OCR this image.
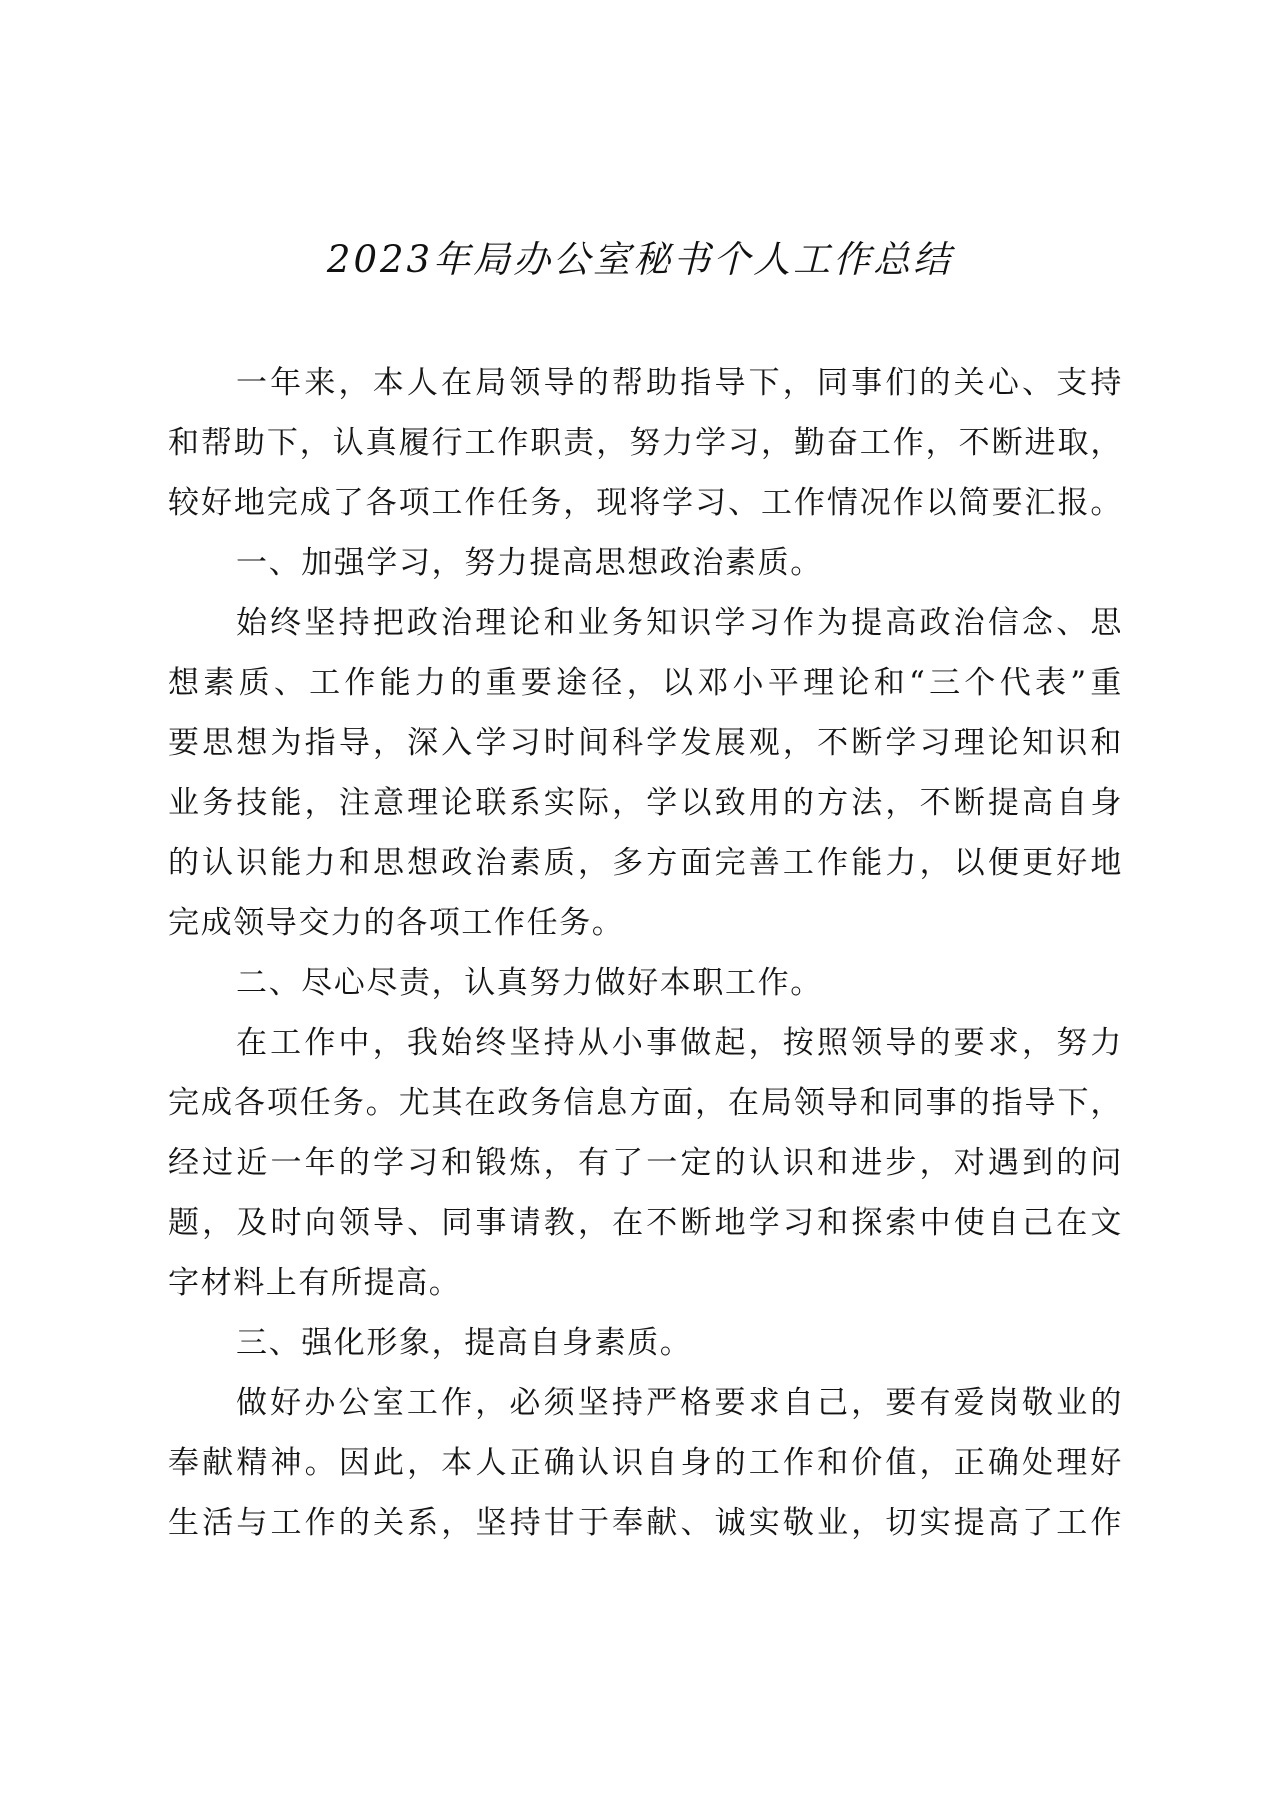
2023年局办公室秘书个人工作总结
一年来，本人在局领导的帮助指导下，同事们的关心、支持
和帮助下，认真履行工作职责，努力学习，勤奋工作，不断进取，
较好地完成了各项工作任务，现将学习、工作情况作以简要汇报。
一、加强学习，努力提高思想政治素质。
始终坚持把政治理论和业务知识学习作为提高政治信念、思
想素质、工作能力的重要途径，以邓小平理论和“三个代表”重
要思想为指导，深入学习时间科学发展观，不断学习理论知识和
业务技能，注意理论联系实际，学以致用的方法，不断提高自身
的认识能力和思想政治素质，多方面完善工作能力，以便更好地
完成领导交力的各项工作任务。
二、尽心尽责，认真努力做好本职工作。
在工作中，我始终坚持从小事做起，按照领导的要求，努力
完成各项任务。尤其在政务信息方面，在局领导和同事的指导下，
经过近一年的学习和锻炼，有了一定的认识和进步，对遇到的问
题，及时向领导、同事请教，在不断地学习和探索中使自己在文
字材料上有所提高。
三、强化形象，提高自身素质。
做好办公室工作，必须坚持严格要求自己，要有爱岗敬业的
奉献精神。因此，本人正确认识自身的工作和价值，正确处理好
生活与工作的关系，坚持甘于奉献、诚实敬业，切实提高了工作
